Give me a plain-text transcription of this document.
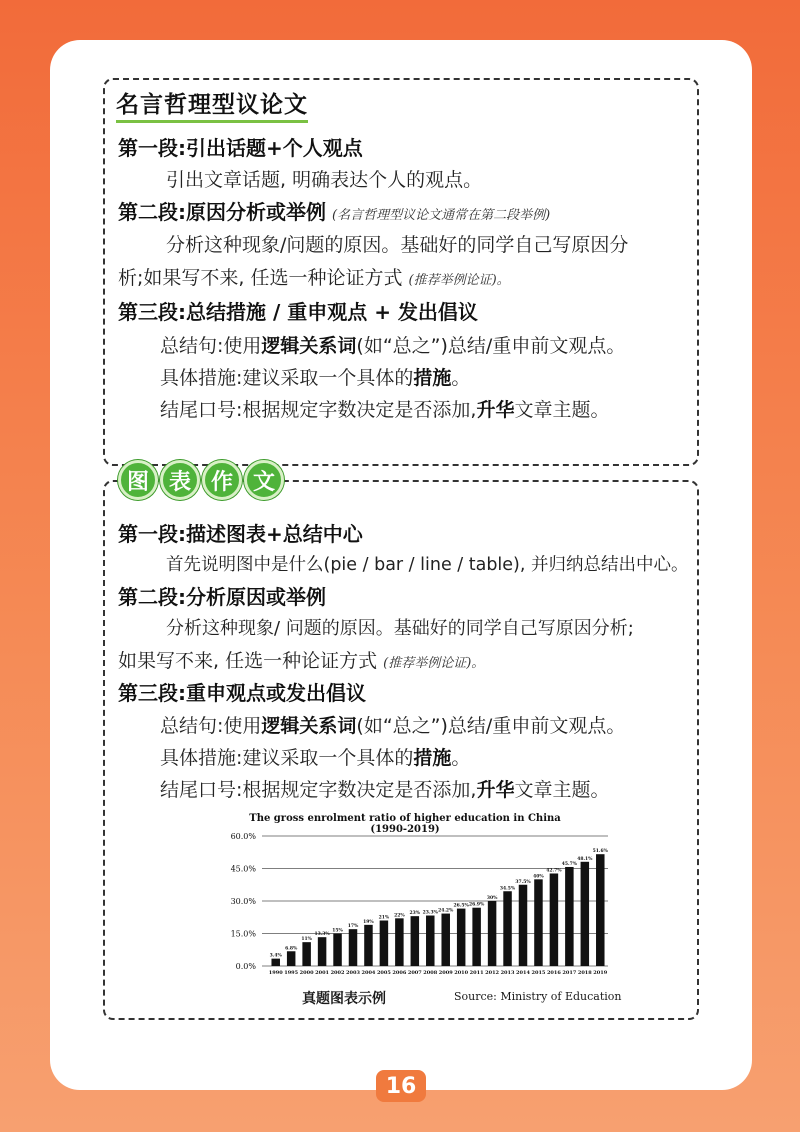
名言哲理型议论文
第一段:引出话题+个人观点
引出文章话题, 明确表达个人的观点。
第二段:原因分析或举例 (名言哲理型议论文通常在第二段举例)
分析这种现象/问题的原因。基础好的同学自己写原因分
析;如果写不来, 任选一种论证方式 (推荐举例论证)。
第三段:总结措施 / 重申观点 + 发出倡议
总结句:使用逻辑关系词(如“总之”)总结/重申前文观点。
具体措施:建议采取一个具体的措施。
结尾口号:根据规定字数决定是否添加,升华文章主题。
图 表 作 文
第一段:描述图表+总结中心
首先说明图中是什么(pie / bar / line / table), 并归纳总结出中心。
第二段:分析原因或举例
分析这种现象/ 问题的原因。基础好的同学自己写原因分析;
如果写不来, 任选一种论证方式 (推荐举例论证)。
第三段:重申观点或发出倡议
总结句:使用逻辑关系词(如“总之”)总结/重申前文观点。
具体措施:建议采取一个具体的措施。
结尾口号:根据规定字数决定是否添加,升华文章主题。
The gross enrolment ratio of higher education in China (1990-2019)
0.0%
15.0%
30.0%
45.0%
60.0%
3.4%
1990
6.8%
1995
11%
2000
13.3%
2001
15%
2002
17%
2003
19%
2004
21%
2005
22%
2006
23%
2007
23.3%
2008
24.2%
2009
26.5%
2010
26.9%
2011
30%
2012
34.5%
2013
37.5%
2014
40%
2015
42.7%
2016
45.7%
2017
48.1%
2018
51.6%
2019
真题图表示例	Source: Ministry of Education
16
